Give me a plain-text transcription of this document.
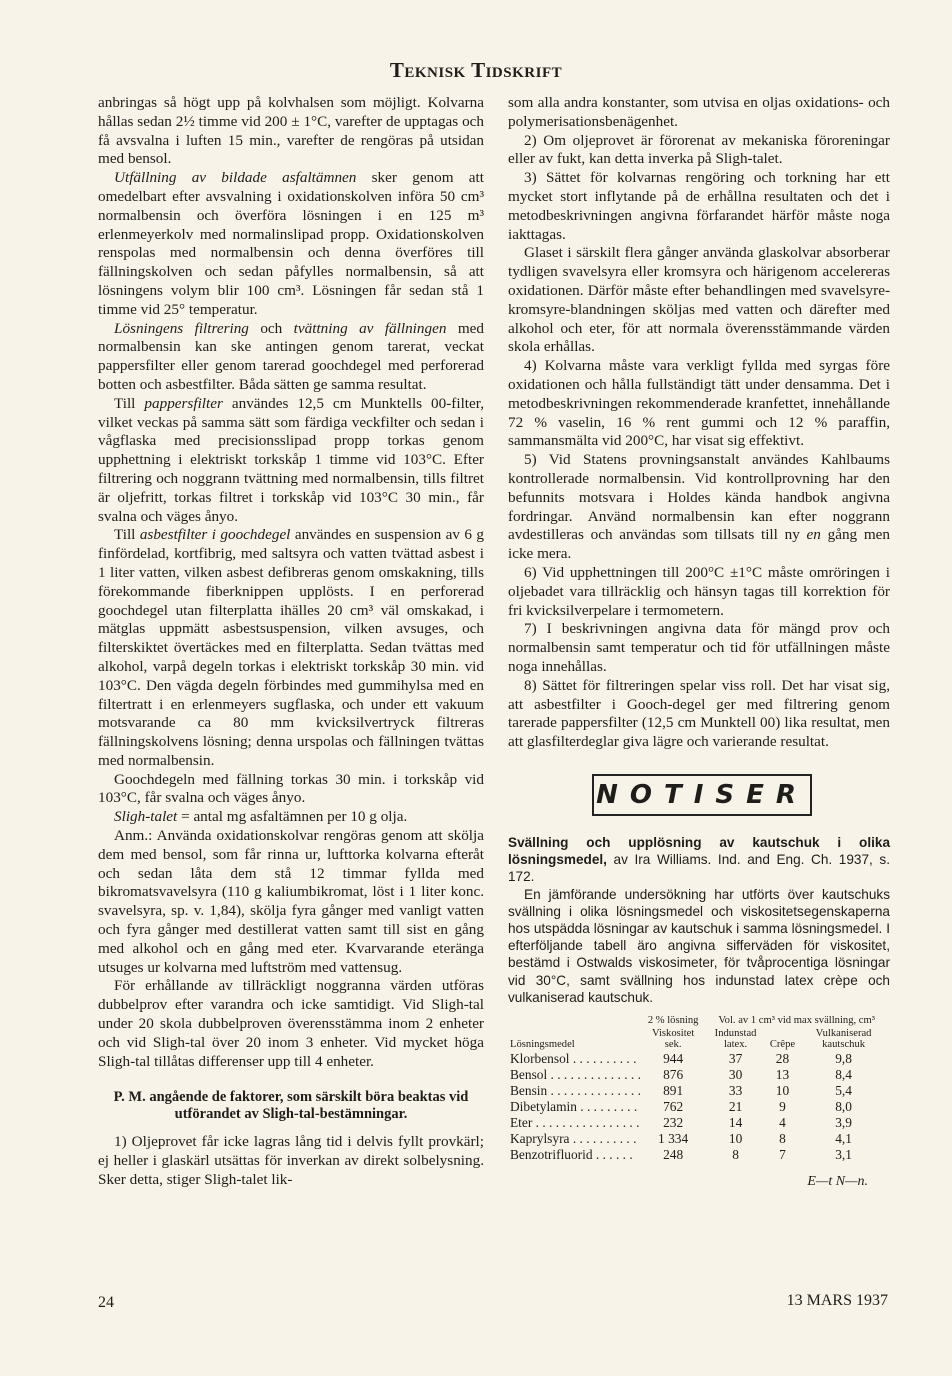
Teknisk Tidskrift

anbringas så högt upp på kolvhalsen som möjligt. Kolvarna hållas sedan 2½ timme vid 200 ± 1°C, varefter de upptagas och få avsvalna i luften 15 min., varefter de rengöras på utsidan med bensol.

Utfällning av bildade asfaltämnen sker genom att omedelbart efter avsvalning i oxidationskolven införa 50 cm³ normalbensin och överföra lösningen i en 125 m³ erlenmeyerkolv med normalinslipad propp. Oxidationskolven renspolas med normalbensin och denna överföres till fällningskolven och sedan påfylles normalbensin, så att lösningens volym blir 100 cm³. Lösningen får sedan stå 1 timme vid 25° temperatur.

Lösningens filtrering och tvättning av fällningen med normalbensin kan ske antingen genom tarerat, veckat pappersfilter eller genom tarerad goochdegel med perforerad botten och asbestfilter. Båda sätten ge samma resultat.

Till pappersfilter användes 12,5 cm Munktells 00-filter, vilket veckas på samma sätt som färdiga veckfilter och sedan i vågflaska med precisionsslipad propp torkas genom upphettning i elektriskt torkskåp 1 timme vid 103°C. Efter filtrering och noggrann tvättning med normalbensin, tills filtret är oljefritt, torkas filtret i torkskåp vid 103°C 30 min., får svalna och väges ånyo.

Till asbestfilter i goochdegel användes en suspension av 6 g finfördelad, kortfibrig, med saltsyra och vatten tvättad asbest i 1 liter vatten, vilken asbest defibreras genom omskakning, tills förekommande fiberknippen upplösts. I en perforerad goochdegel utan filterplatta ihälles 20 cm³ väl omskakad, i mätglas uppmätt asbestsuspension, vilken avsuges, och filterskiktet övertäckes med en filterplatta. Sedan tvättas med alkohol, varpå degeln torkas i elektriskt torkskåp 30 min. vid 103°C. Den vägda degeln förbindes med gummihylsa med en filtertratt i en erlenmeyers sugflaska, och under ett vakuum motsvarande ca 80 mm kvicksilvertryck filtreras fällningskolvens lösning; denna urspolas och fällningen tvättas med normalbensin.

Goochdegeln med fällning torkas 30 min. i torkskåp vid 103°C, får svalna och väges ånyo.

Sligh-talet = antal mg asfaltämnen per 10 g olja.

Anm.: Använda oxidationskolvar rengöras genom att skölja dem med bensol, som får rinna ur, lufttorka kolvarna efteråt och sedan låta dem stå 12 timmar fyllda med bikromatsvavelsyra (110 g kaliumbikromat, löst i 1 liter konc. svavelsyra, sp. v. 1,84), skölja fyra gånger med vanligt vatten och fyra gånger med destillerat vatten samt till sist en gång med alkohol och en gång med eter. Kvarvarande eteränga utsuges ur kolvarna med luftström med vattensug.

För erhållande av tillräckligt noggranna värden utföras dubbelprov efter varandra och icke samtidigt. Vid Sligh-tal under 20 skola dubbelproven överensstämma inom 2 enheter och vid Sligh-tal över 20 inom 3 enheter. Vid mycket höga Sligh-tal tillåtas differenser upp till 4 enheter.

P. M. angående de faktorer, som särskilt böra beaktas vid utförandet av Sligh-tal-bestämningar.

1) Oljeprovet får icke lagras lång tid i delvis fyllt provkärl; ej heller i glaskärl utsättas för inverkan av direkt solbelysning. Sker detta, stiger Sligh-talet lik-

som alla andra konstanter, som utvisa en oljas oxidations- och polymerisationsbenägenhet.

2) Om oljeprovet är förorenat av mekaniska föroreningar eller av fukt, kan detta inverka på Sligh-talet.

3) Sättet för kolvarnas rengöring och torkning har ett mycket stort inflytande på de erhållna resultaten och det i metodbeskrivningen angivna förfarandet härför måste noga iakttagas.

Glaset i särskilt flera gånger använda glaskolvar absorberar tydligen svavelsyra eller kromsyra och härigenom accelereras oxidationen. Därför måste efter behandlingen med svavelsyre-kromsyre-blandningen sköljas med vatten och därefter med alkohol och eter, för att normala överensstämmande värden skola erhållas.

4) Kolvarna måste vara verkligt fyllda med syrgas före oxidationen och hålla fullständigt tätt under densamma. Det i metodbeskrivningen rekommenderade kranfettet, innehållande 72 % vaselin, 16 % rent gummi och 12 % paraffin, sammansmälta vid 200°C, har visat sig effektivt.

5) Vid Statens provningsanstalt användes Kahlbaums kontrollerade normalbensin. Vid kontrollprovning har den befunnits motsvara i Holdes kända handbok angivna fordringar. Använd normalbensin kan efter noggrann avdestilleras och användas som tillsats till ny en gång men icke mera.

6) Vid upphettningen till 200°C ±1°C måste omröringen i oljebadet vara tillräcklig och hänsyn tagas till korrektion för fri kvicksilverpelare i termometern.

7) I beskrivningen angivna data för mängd prov och normalbensin samt temperatur och tid för utfällningen måste noga innehållas.

8) Sättet för filtreringen spelar viss roll. Det har visat sig, att asbestfilter i Gooch-degel ger med filtrering genom tarerade pappersfilter (12,5 cm Munktell 00) lika resultat, men att glasfilterdeglar giva lägre och varierande resultat.

NOTISER

Svällning och upplösning av kautschuk i olika lösningsmedel, av Ira Williams. Ind. and Eng. Ch. 1937, s. 172.

En jämförande undersökning har utförts över kautschuks svällning i olika lösningsmedel och viskositetsegenskaperna hos utspädda lösningar av kautschuk i samma lösningsmedel. I efterföljande tabell äro angivna sifferväden för viskositet, bestämd i Ostwalds viskosimeter, för tvåprocentiga lösningar vid 30°C, samt svällning hos indunstad latex crèpe och vulkaniserad kautschuk.

Lösningsmedel	2 % lösning	Vol. av 1 cm³ vid max svällning, cm³		
	Viskositet sek.	Indunstad latex.	Crêpe	Vulkaniserad kautschuk
Klorbensol . . . . . . . . . .	944	37	28	9,8
Bensol . . . . . . . . . . . . . .	876	30	13	8,4
Bensin . . . . . . . . . . . . . .	891	33	10	5,4
Dibetylamin . . . . . . . . .	762	21	9	8,0
Eter . . . . . . . . . . . . . . . .	232	14	4	3,9
Kaprylsyra . . . . . . . . . .	1 334	10	8	4,1
Benzotrifluorid . . . . . .	248	8	7	3,1
E—t N—n.
24	13 MARS 1937
